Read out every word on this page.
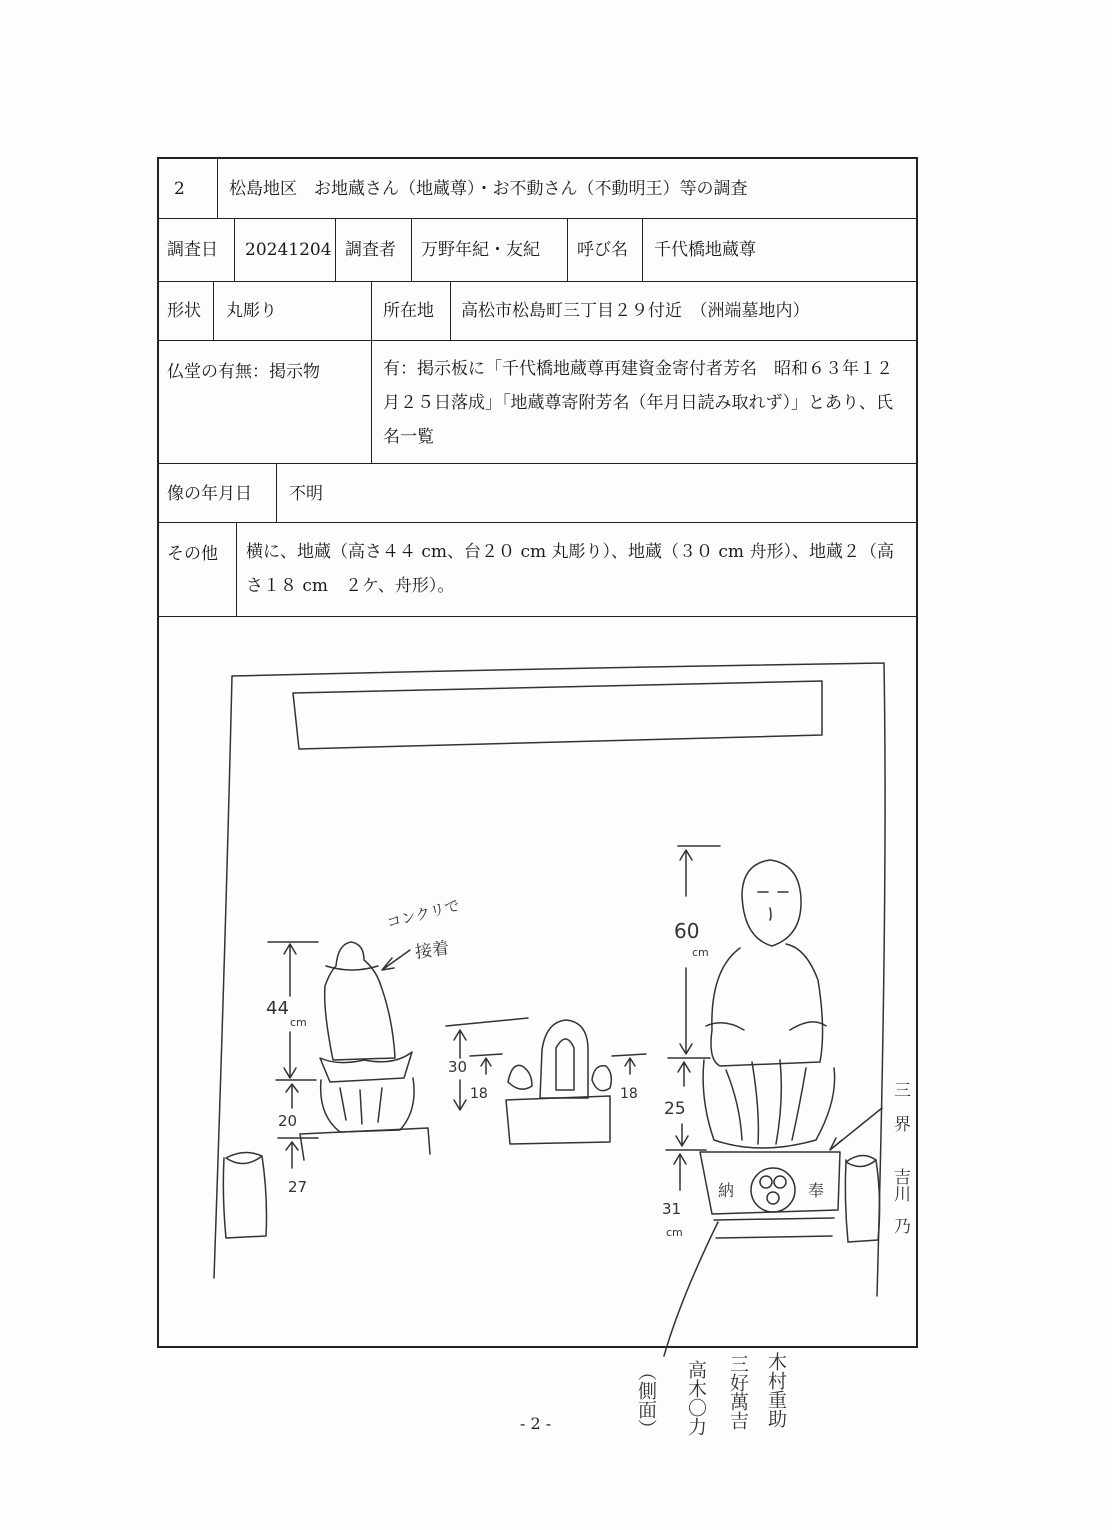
2	松島地区　お地蔵さん（地蔵尊）・お不動さん（不動明王）等の調査
調査日 20241204 調査者 万野年紀・友紀 呼び名 千代橋地蔵尊
形状 丸彫り	所在地 高松市松島町三丁目２９付近　（洲端墓地内）
仏堂の有無：掲示物	有：掲示板に「千代橋地蔵尊再建資金寄付者芳名　昭和６３年１２月２５日落成」「地蔵尊寄附芳名（年月日読み取れず）」とあり、氏名一覧
像の年月日 不明
その他 横に、地蔵（高さ４４ cm、台２０ cm 丸彫り）、地蔵（３０ cm 舟形）、地蔵２（高さ１８ cm　２ケ、舟形）。
コンクリで
接着
44
cm
20
27
30
18	18
60
cm
25
31
cm
納	奉
三
界
吉川
乃
（側面） 高木〇力 三好萬吉 木村重助
- 2 -
